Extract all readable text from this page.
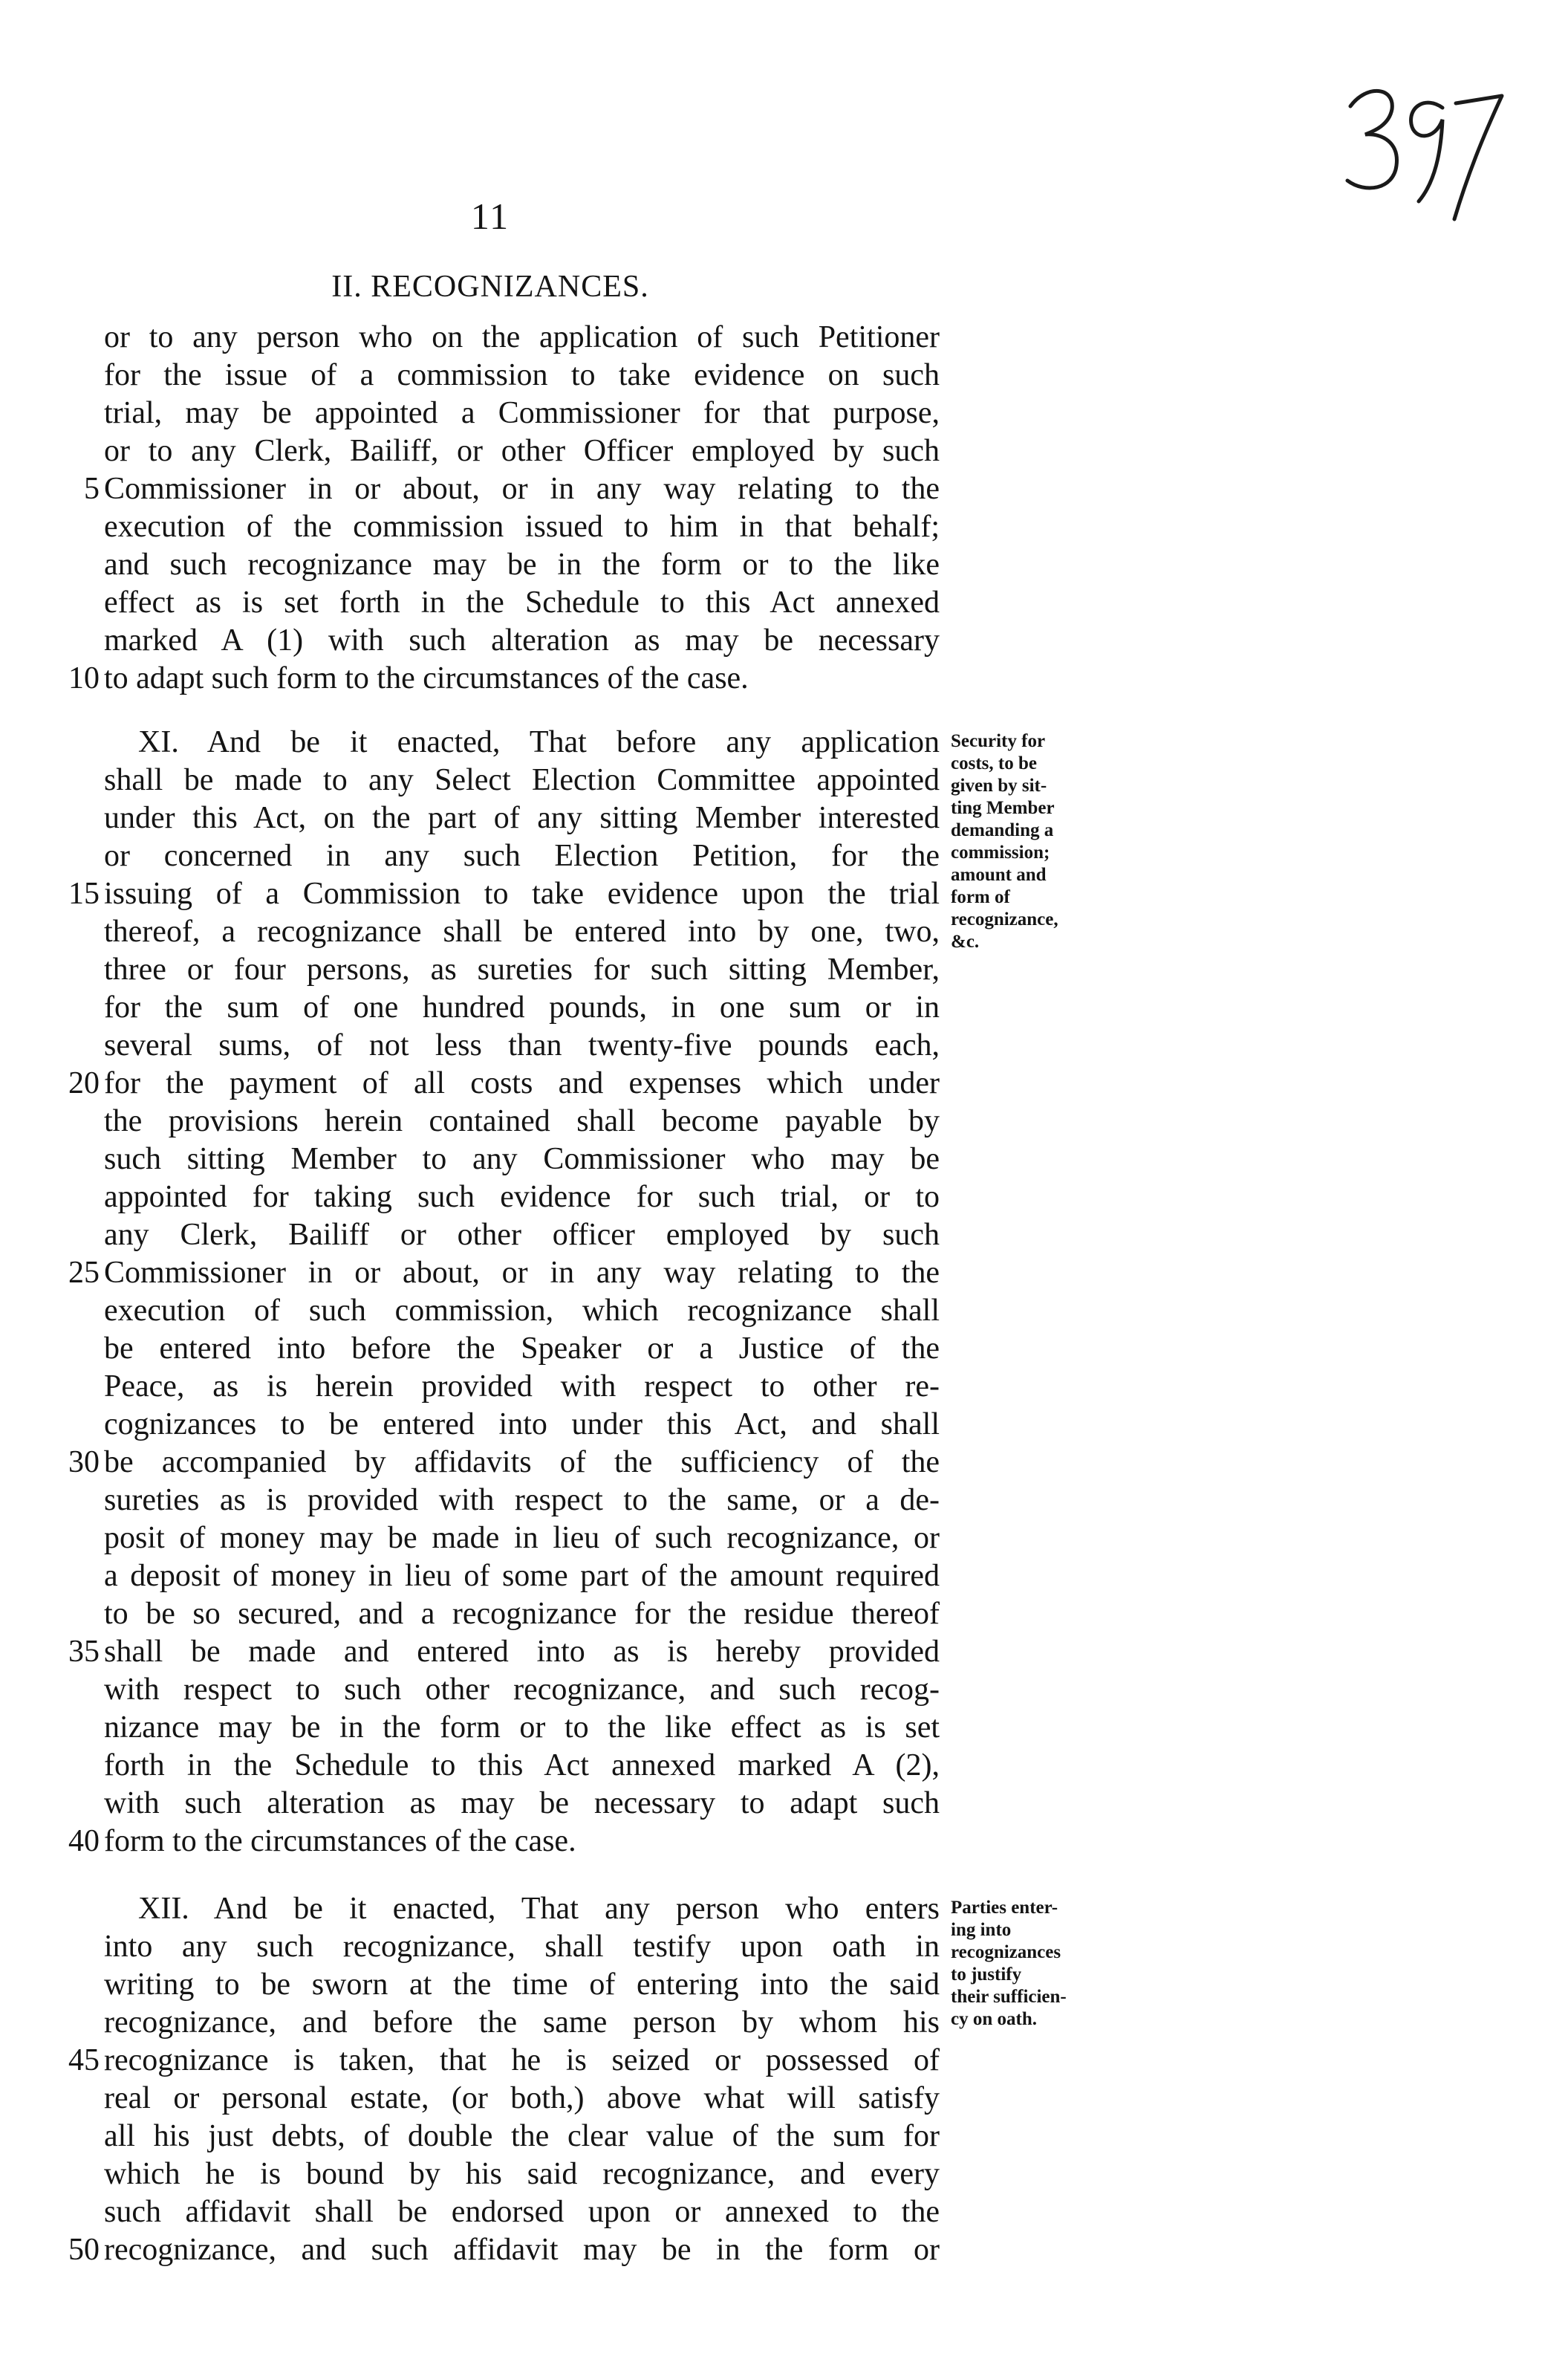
11
II. RECOGNIZANCES.
or to any person who on the application of such Petitioner
for the issue of a commission to take evidence on such
trial, may be appointed a Commissioner for that purpose,
or to any Clerk, Bailiff, or other Officer employed by such
5 Commissioner in or about, or in any way relating to the
execution of the commission issued to him in that behalf;
and such recognizance may be in the form or to the like
effect as is set forth in the Schedule to this Act annexed
marked A (1) with such alteration as may be necessary
10 to adapt such form to the circumstances of the case.
Security for
costs, to be
given by sit-
ting Member
demanding a
commission;
amount and
form of
recognizance,
&c.
XI. And be it enacted, That before any application
shall be made to any Select Election Committee appointed
under this Act, on the part of any sitting Member interested
or concerned in any such Election Petition, for the
15 issuing of a Commission to take evidence upon the trial
thereof, a recognizance shall be entered into by one, two,
three or four persons, as sureties for such sitting Member,
for the sum of one hundred pounds, in one sum or in
several sums, of not less than twenty-five pounds each,
20 for the payment of all costs and expenses which under
the provisions herein contained shall become payable by
such sitting Member to any Commissioner who may be
appointed for taking such evidence for such trial, or to
any Clerk, Bailiff or other officer employed by such
25 Commissioner in or about, or in any way relating to the
execution of such commission, which recognizance shall
be entered into before the Speaker or a Justice of the
Peace, as is herein provided with respect to other re-
cognizances to be entered into under this Act, and shall
30 be accompanied by affidavits of the sufficiency of the
sureties as is provided with respect to the same, or a de-
posit of money may be made in lieu of such recognizance, or
a deposit of money in lieu of some part of the amount required
to be so secured, and a recognizance for the residue thereof
35 shall be made and entered into as is hereby provided
with respect to such other recognizance, and such recog-
nizance may be in the form or to the like effect as is set
forth in the Schedule to this Act annexed marked A (2),
with such alteration as may be necessary to adapt such
40 form to the circumstances of the case.
Parties enter-
ing into
recognizances
to justify
their sufficien-
cy on oath.
XII. And be it enacted, That any person who enters
into any such recognizance, shall testify upon oath in
writing to be sworn at the time of entering into the said
recognizance, and before the same person by whom his
45 recognizance is taken, that he is seized or possessed of
real or personal estate, (or both,) above what will satisfy
all his just debts, of double the clear value of the sum for
which he is bound by his said recognizance, and every
such affidavit shall be endorsed upon or annexed to the
50 recognizance, and such affidavit may be in the form or
